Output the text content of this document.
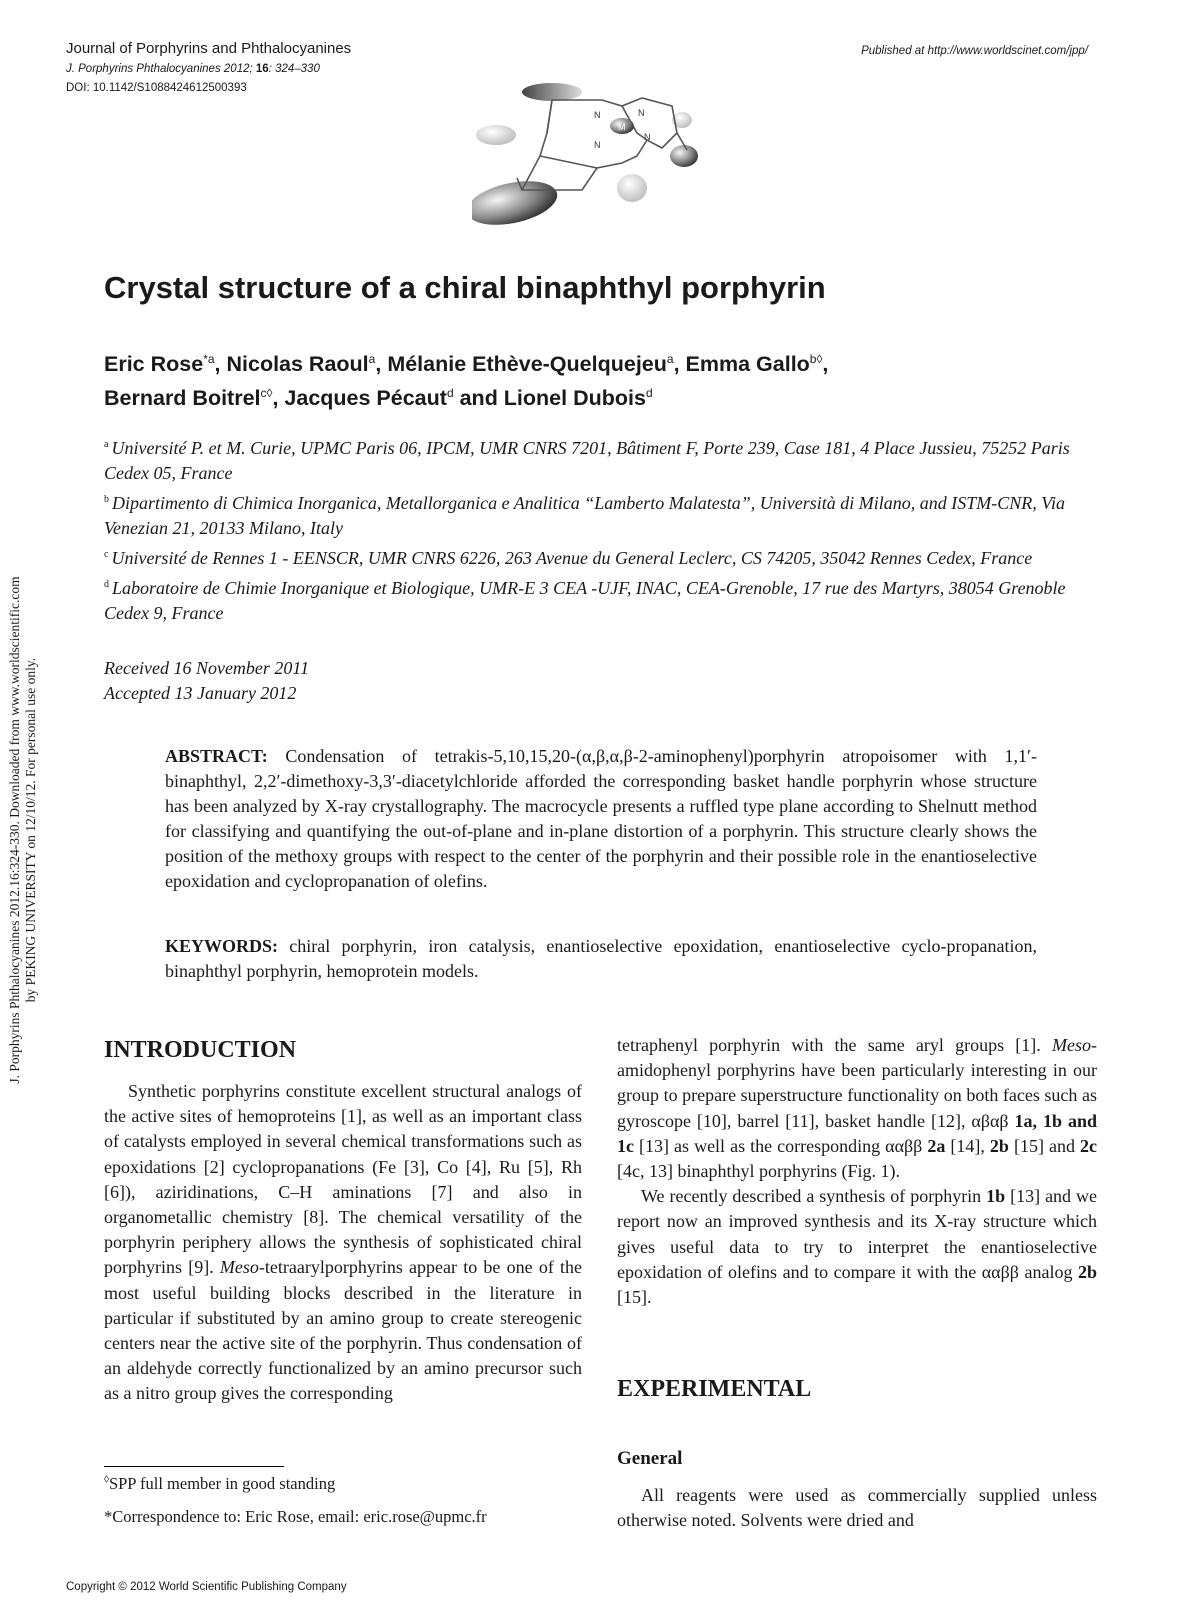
Journal of Porphyrins and Phthalocyanines
J. Porphyrins Phthalocyanines 2012; 16: 324–330
DOI: 10.1142/S1088424612500393
Published at http://www.worldscinet.com/jpp/
M
N	N
N
N
Crystal structure of a chiral binaphthyl porphyrin
Eric Rose$^{*a}$, Nicolas Raoul$^a$, Mélanie Ethève-Quelquejeu$^a$, Emma Gallo$^{b◊}$,
Bernard Boitrel$^{c◊}$, Jacques Pécaut$^d$ and Lionel Dubois$^d$
$^a$ Université P. et M. Curie, UPMC Paris 06, IPCM, UMR CNRS 7201, Bâtiment F, Porte 239, Case 181, 4 Place Jussieu, 75252 Paris Cedex 05, France
$^b$ Dipartimento di Chimica Inorganica, Metallorganica e Analitica “Lamberto Malatesta”, Università di Milano, and ISTM-CNR, Via Venezian 21, 20133 Milano, Italy
$^c$ Université de Rennes 1 - EENSCR, UMR CNRS 6226, 263 Avenue du General Leclerc, CS 74205, 35042 Rennes Cedex, France
$^d$ Laboratoire de Chimie Inorganique et Biologique, UMR-E 3 CEA -UJF, INAC, CEA-Grenoble, 17 rue des Martyrs, 38054 Grenoble Cedex 9, France
Received 16 November 2011
Accepted 13 January 2012
ABSTRACT: Condensation of tetrakis-5,10,15,20-(α,β,α,β-2-aminophenyl)porphyrin atropoisomer with 1,1′-binaphthyl, 2,2′-dimethoxy-3,3′-diacetylchloride afforded the corresponding basket handle porphyrin whose structure has been analyzed by X-ray crystallography. The macrocycle presents a ruffled type plane according to Shelnutt method for classifying and quantifying the out-of-plane and in-plane distortion of a porphyrin. This structure clearly shows the position of the methoxy groups with respect to the center of the porphyrin and their possible role in the enantioselective epoxidation and cyclopropanation of olefins.
KEYWORDS: chiral porphyrin, iron catalysis, enantioselective epoxidation, enantioselective cyclo-propanation, binaphthyl porphyrin, hemoprotein models.
J. Porphyrins Phthalocyanines 2012.16:324-330. Downloaded from www.worldscientific.com by PEKING UNIVERSITY on 12/10/12. For personal use only.
INTRODUCTION

Synthetic porphyrins constitute excellent structural analogs of the active sites of hemoproteins [1], as well as an important class of catalysts employed in several chemical transformations such as epoxidations [2] cyclopropanations (Fe [3], Co [4], Ru [5], Rh [6]), aziridinations, C–H aminations [7] and also in organometallic chemistry [8]. The chemical versatility of the porphyrin periphery allows the synthesis of sophisticated chiral porphyrins [9]. Meso-tetraarylporphyrins appear to be one of the most useful building blocks described in the literature in particular if substituted by an amino group to create stereogenic centers near the active site of the porphyrin. Thus condensation of an aldehyde correctly functionalized by an amino precursor such as a nitro group gives the corresponding

tetraphenyl porphyrin with the same aryl groups [1]. Meso-amidophenyl porphyrins have been particularly interesting in our group to prepare superstructure functionality on both faces such as gyroscope [10], barrel [11], basket handle [12], αβαβ 1a, 1b and 1c [13] as well as the corresponding ααββ 2a [14], 2b [15] and 2c [4c, 13] binaphthyl porphyrins (Fig. 1).

We recently described a synthesis of porphyrin 1b [13] and we report now an improved synthesis and its X-ray structure which gives useful data to try to interpret the enantioselective epoxidation of olefins and to compare it with the ααββ analog 2b [15].

EXPERIMENTAL
General

All reagents were used as commercially supplied unless otherwise noted. Solvents were dried and

◊SPP full member in good standing
*Correspondence to: Eric Rose, email: eric.rose@upmc.fr
Copyright © 2012 World Scientific Publishing Company
